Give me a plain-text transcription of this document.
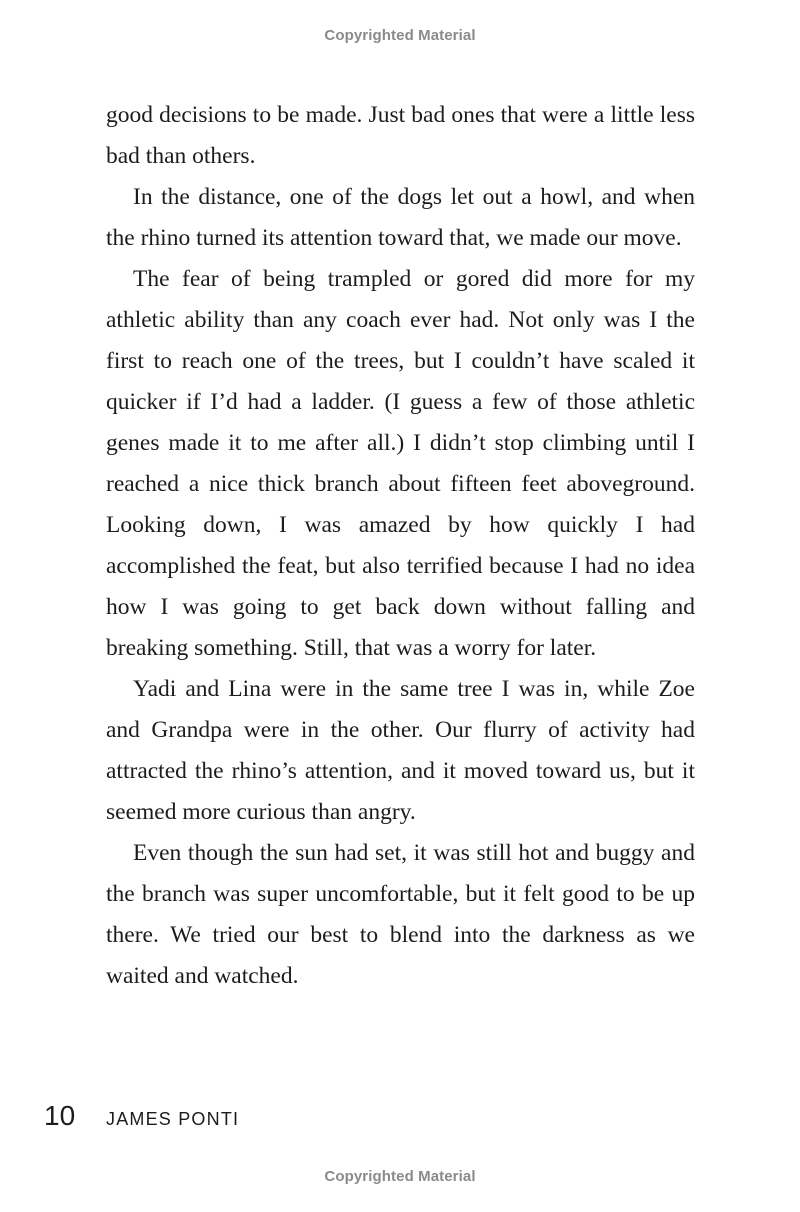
Copyrighted Material

good decisions to be made. Just bad ones that were a little less bad than others.

In the distance, one of the dogs let out a howl, and when the rhino turned its attention toward that, we made our move.

The fear of being trampled or gored did more for my athletic ability than any coach ever had. Not only was I the first to reach one of the trees, but I couldn’t have scaled it quicker if I’d had a ladder. (I guess a few of those athletic genes made it to me after all.) I didn’t stop climbing until I reached a nice thick branch about fifteen feet aboveground. Looking down, I was amazed by how quickly I had accomplished the feat, but also terrified because I had no idea how I was going to get back down without falling and breaking something. Still, that was a worry for later.

Yadi and Lina were in the same tree I was in, while Zoe and Grandpa were in the other. Our flurry of activity had attracted the rhino’s attention, and it moved toward us, but it seemed more curious than angry.

Even though the sun had set, it was still hot and buggy and the branch was super uncomfortable, but it felt good to be up there. We tried our best to blend into the darkness as we waited and watched.

10	JAMES PONTI
Copyrighted Material
